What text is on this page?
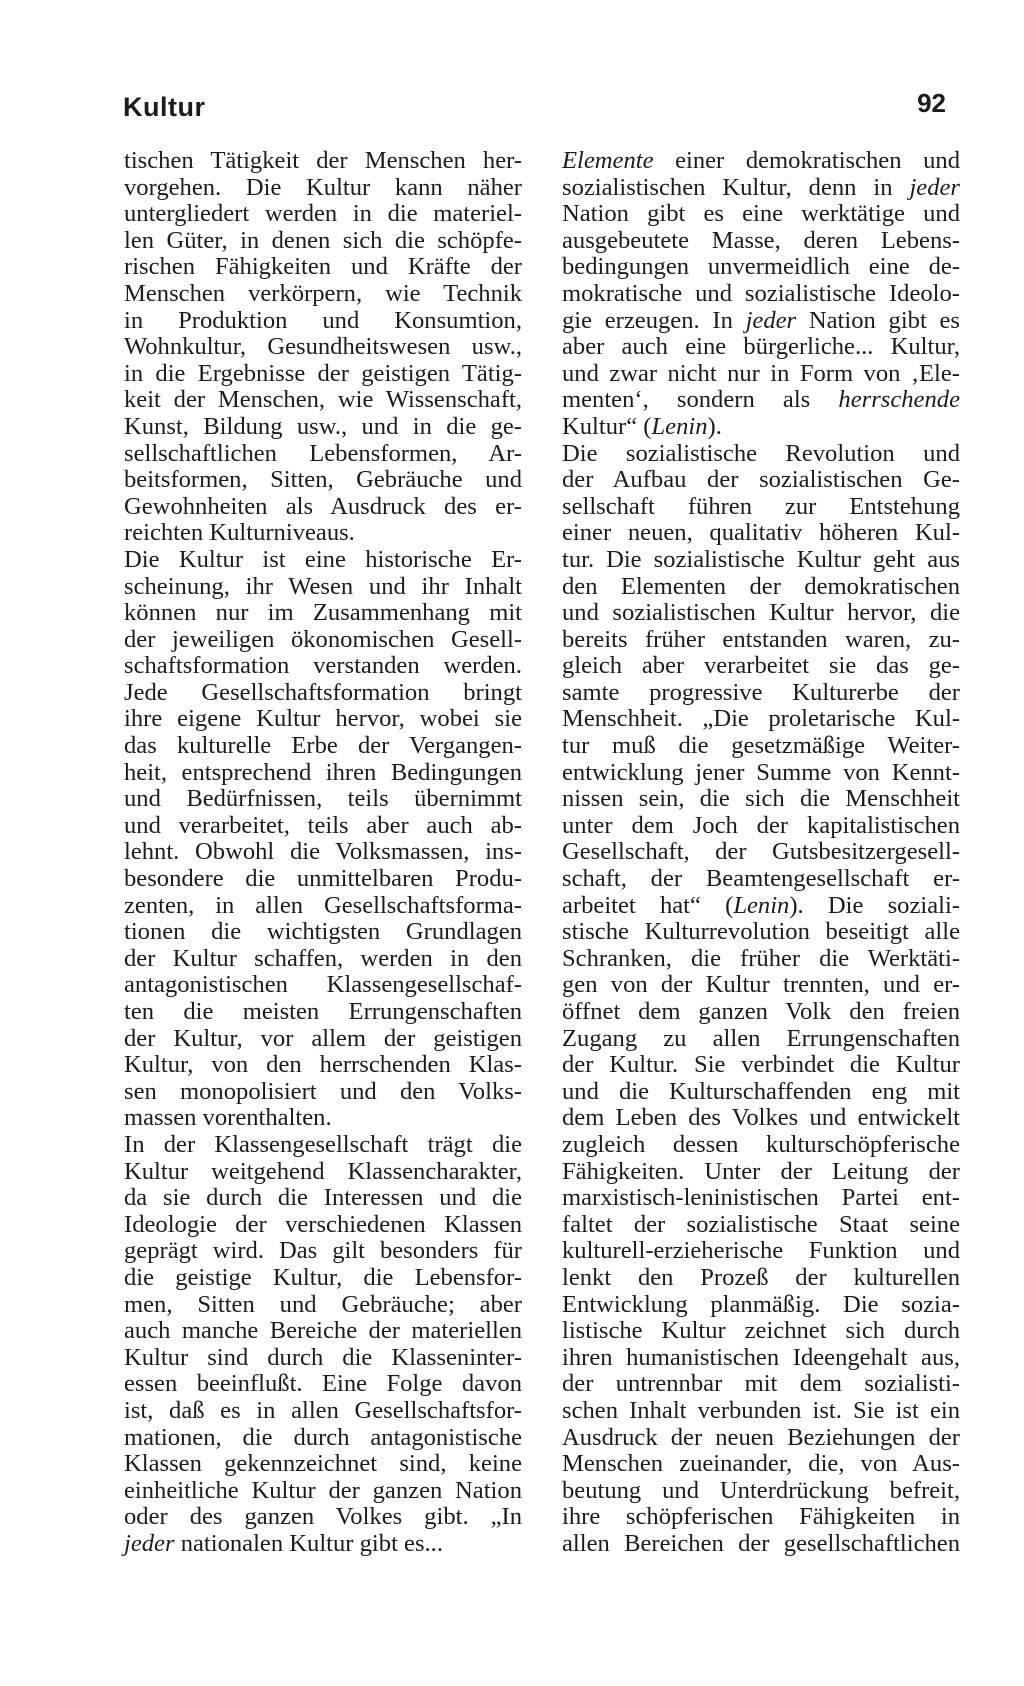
Kultur	92
tischen Tätigkeit der Menschen her-
vorgehen. Die Kultur kann näher
untergliedert werden in die materiel-
len Güter, in denen sich die schöpfe-
rischen Fähigkeiten und Kräfte der
Menschen verkörpern, wie Technik
in Produktion und Konsumtion,
Wohnkultur, Gesundheitswesen usw.,
in die Ergebnisse der geistigen Tätig-
keit der Menschen, wie Wissenschaft,
Kunst, Bildung usw., und in die ge-
sellschaftlichen Lebensformen, Ar-
beitsformen, Sitten, Gebräuche und
Gewohnheiten als Ausdruck des er-
reichten Kulturniveaus.
Die Kultur ist eine historische Er-
scheinung, ihr Wesen und ihr Inhalt
können nur im Zusammenhang mit
der jeweiligen ökonomischen Gesell-
schaftsformation verstanden werden.
Jede Gesellschaftsformation bringt
ihre eigene Kultur hervor, wobei sie
das kulturelle Erbe der Vergangen-
heit, entsprechend ihren Bedingungen
und Bedürfnissen, teils übernimmt
und verarbeitet, teils aber auch ab-
lehnt. Obwohl die Volksmassen, ins-
besondere die unmittelbaren Produ-
zenten, in allen Gesellschaftsforma-
tionen die wichtigsten Grundlagen
der Kultur schaffen, werden in den
antagonistischen Klassengesellschaf-
ten die meisten Errungenschaften
der Kultur, vor allem der geistigen
Kultur, von den herrschenden Klas-
sen monopolisiert und den Volks-
massen vorenthalten.
In der Klassengesellschaft trägt die
Kultur weitgehend Klassencharakter,
da sie durch die Interessen und die
Ideologie der verschiedenen Klassen
geprägt wird. Das gilt besonders für
die geistige Kultur, die Lebensfor-
men, Sitten und Gebräuche; aber
auch manche Bereiche der materiellen
Kultur sind durch die Klasseninter-
essen beeinflußt. Eine Folge davon
ist, daß es in allen Gesellschaftsfor-
mationen, die durch antagonistische
Klassen gekennzeichnet sind, keine
einheitliche Kultur der ganzen Nation
oder des ganzen Volkes gibt. „In
jeder nationalen Kultur gibt es...
Elemente einer demokratischen und
sozialistischen Kultur, denn in jeder
Nation gibt es eine werktätige und
ausgebeutete Masse, deren Lebens-
bedingungen unvermeidlich eine de-
mokratische und sozialistische Ideolo-
gie erzeugen. In jeder Nation gibt es
aber auch eine bürgerliche... Kultur,
und zwar nicht nur in Form von ‚Ele-
menten‘, sondern als herrschende
Kultur“ (Lenin).
Die sozialistische Revolution und
der Aufbau der sozialistischen Ge-
sellschaft führen zur Entstehung
einer neuen, qualitativ höheren Kul-
tur. Die sozialistische Kultur geht aus
den Elementen der demokratischen
und sozialistischen Kultur hervor, die
bereits früher entstanden waren, zu-
gleich aber verarbeitet sie das ge-
samte progressive Kulturerbe der
Menschheit. „Die proletarische Kul-
tur muß die gesetzmäßige Weiter-
entwicklung jener Summe von Kennt-
nissen sein, die sich die Menschheit
unter dem Joch der kapitalistischen
Gesellschaft, der Gutsbesitzergesell-
schaft, der Beamtengesellschaft er-
arbeitet hat“ (Lenin). Die soziali-
stische Kulturrevolution beseitigt alle
Schranken, die früher die Werktäti-
gen von der Kultur trennten, und er-
öffnet dem ganzen Volk den freien
Zugang zu allen Errungenschaften
der Kultur. Sie verbindet die Kultur
und die Kulturschaffenden eng mit
dem Leben des Volkes und entwickelt
zugleich dessen kulturschöpferische
Fähigkeiten. Unter der Leitung der
marxistisch-leninistischen Partei ent-
faltet der sozialistische Staat seine
kulturell-erzieherische Funktion und
lenkt den Prozeß der kulturellen
Entwicklung planmäßig. Die sozia-
listische Kultur zeichnet sich durch
ihren humanistischen Ideengehalt aus,
der untrennbar mit dem sozialisti-
schen Inhalt verbunden ist. Sie ist ein
Ausdruck der neuen Beziehungen der
Menschen zueinander, die, von Aus-
beutung und Unterdrückung befreit,
ihre schöpferischen Fähigkeiten in
allen Bereichen der gesellschaftlichen
